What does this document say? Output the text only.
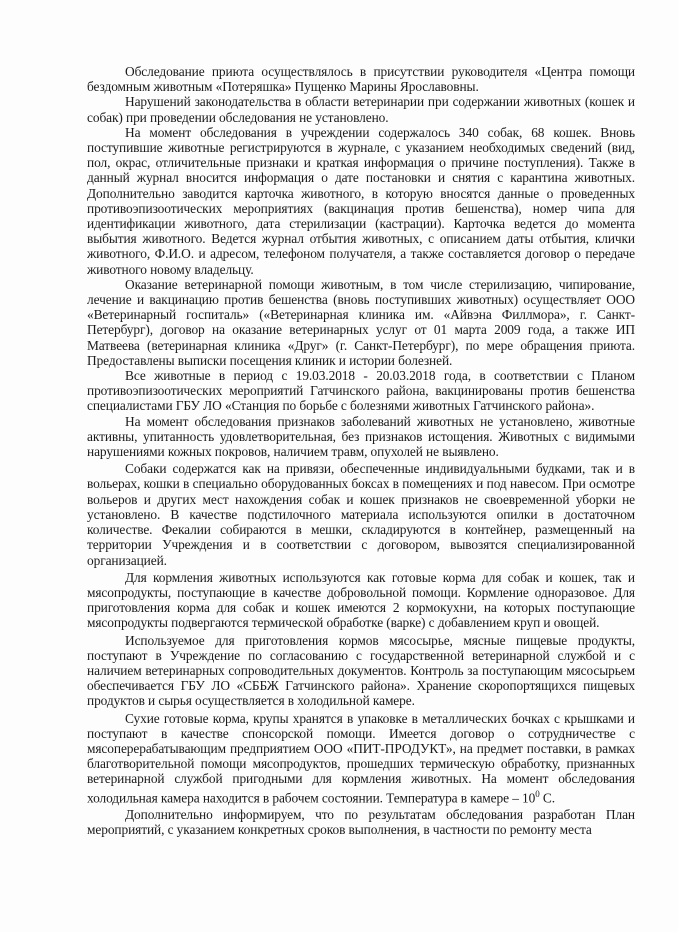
Обследование приюта осуществлялось в присутствии руководителя «Центра помощи бездомным животным «Потеряшка» Пущенко Марины Ярославовны.

Нарушений законодательства в области ветеринарии при содержании животных (кошек и собак) при проведении обследования не установлено.

На момент обследования в учреждении содержалось 340 собак, 68 кошек. Вновь поступившие животные регистрируются в журнале, с указанием необходимых сведений (вид, пол, окрас, отличительные признаки и краткая информация о причине поступления). Также в данный журнал вносится информация о дате постановки и снятия с карантина животных. Дополнительно заводится карточка животного, в которую вносятся данные о проведенных противоэпизоотических мероприятиях (вакцинация против бешенства), номер чипа для идентификации животного, дата стерилизации (кастрации). Карточка ведется до момента выбытия животного. Ведется журнал отбытия животных, с описанием даты отбытия, клички животного, Ф.И.О. и адресом, телефоном получателя, а также составляется договор о передаче животного новому владельцу.

Оказание ветеринарной помощи животным, в том числе стерилизацию, чипирование, лечение и вакцинацию против бешенства (вновь поступивших животных) осуществляет ООО «Ветеринарный госпиталь» («Ветеринарная клиника им. «Айвэна Филлмора», г. Санкт-Петербург), договор на оказание ветеринарных услуг от 01 марта 2009 года, а также ИП Матвеева (ветеринарная клиника «Друг» (г. Санкт-Петербург), по мере обращения приюта. Предоставлены выписки посещения клиник и истории болезней.

Все животные в период с 19.03.2018 - 20.03.2018 года, в соответствии с Планом противоэпизоотических мероприятий Гатчинского района, вакцинированы против бешенства специалистами ГБУ ЛО «Станция по борьбе с болезнями животных Гатчинского района».

На момент обследования признаков заболеваний животных не установлено, животные активны, упитанность удовлетворительная, без признаков истощения. Животных с видимыми нарушениями кожных покровов, наличием травм, опухолей не выявлено.

Собаки содержатся как на привязи, обеспеченные индивидуальными будками, так и в вольерах, кошки в специально оборудованных боксах в помещениях и под навесом. При осмотре вольеров и других мест нахождения собак и кошек признаков не своевременной уборки не установлено. В качестве подстилочного материала используются опилки в достаточном количестве. Фекалии собираются в мешки, складируются в контейнер, размещенный на территории Учреждения и в соответствии с договором, вывозятся специализированной организацией.

Для кормления животных используются как готовые корма для собак и кошек, так и мясопродукты, поступающие в качестве добровольной помощи. Кормление одноразовое. Для приготовления корма для собак и кошек имеются 2 кормокухни, на которых поступающие мясопродукты подвергаются термической обработке (варке) с добавлением круп и овощей.

Используемое для приготовления кормов мясосырье, мясные пищевые продукты, поступают в Учреждение по согласованию с государственной ветеринарной службой и с наличием ветеринарных сопроводительных документов. Контроль за поступающим мясосырьем обеспечивается ГБУ ЛО «СББЖ Гатчинского района». Хранение скоропортящихся пищевых продуктов и сырья осуществляется в холодильной камере.

Сухие готовые корма, крупы хранятся в упаковке в металлических бочках с крышками и поступают в качестве спонсорской помощи. Имеется договор о сотрудничестве с мясоперерабатывающим предприятием ООО «ПИТ-ПРОДУКТ», на предмет поставки, в рамках благотворительной помощи мясопродуктов, прошедших термическую обработку, признанных ветеринарной службой пригодными для кормления животных. На момент обследования холодильная камера находится в рабочем состоянии. Температура в камере – $10^0$ С.

Дополнительно информируем, что по результатам обследования разработан План мероприятий, с указанием конкретных сроков выполнения, в частности по ремонту места
